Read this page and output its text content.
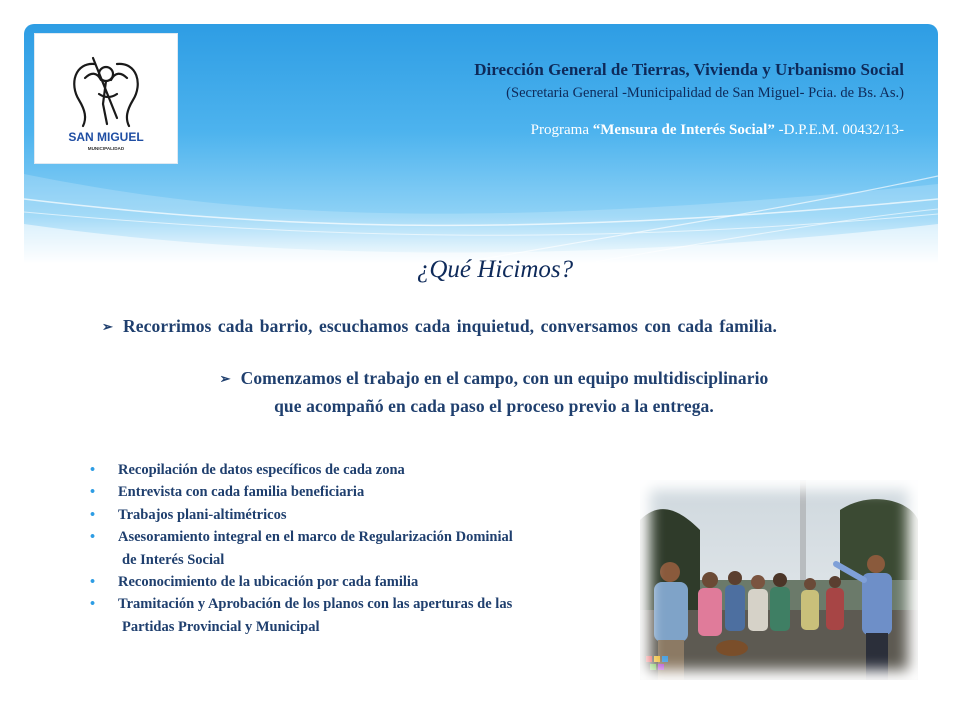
SAN MIGUEL
MUNICIPALIDAD
Dirección General de Tierras, Vivienda y Urbanismo Social
(Secretaria General -Municipalidad de San Miguel- Pcia. de Bs. As.)
Programa “Mensura de Interés Social” -D.P.E.M. 00432/13-
¿Qué Hicimos?
➢ Recorrimos cada barrio, escuchamos cada inquietud, conversamos con cada familia.
➢ Comenzamos el trabajo en el campo, con un equipo multidisciplinario que acompañó en cada paso el proceso previo a la entrega.
• Recopilación de datos específicos de cada zona
• Entrevista con cada familia beneficiaria
• Trabajos plani-altimétricos
• Asesoramiento integral en el marco de Regularización Dominial
de Interés Social
• Reconocimiento de la ubicación por cada familia
• Tramitación y Aprobación de los planos con las aperturas de las
Partidas Provincial y Municipal
